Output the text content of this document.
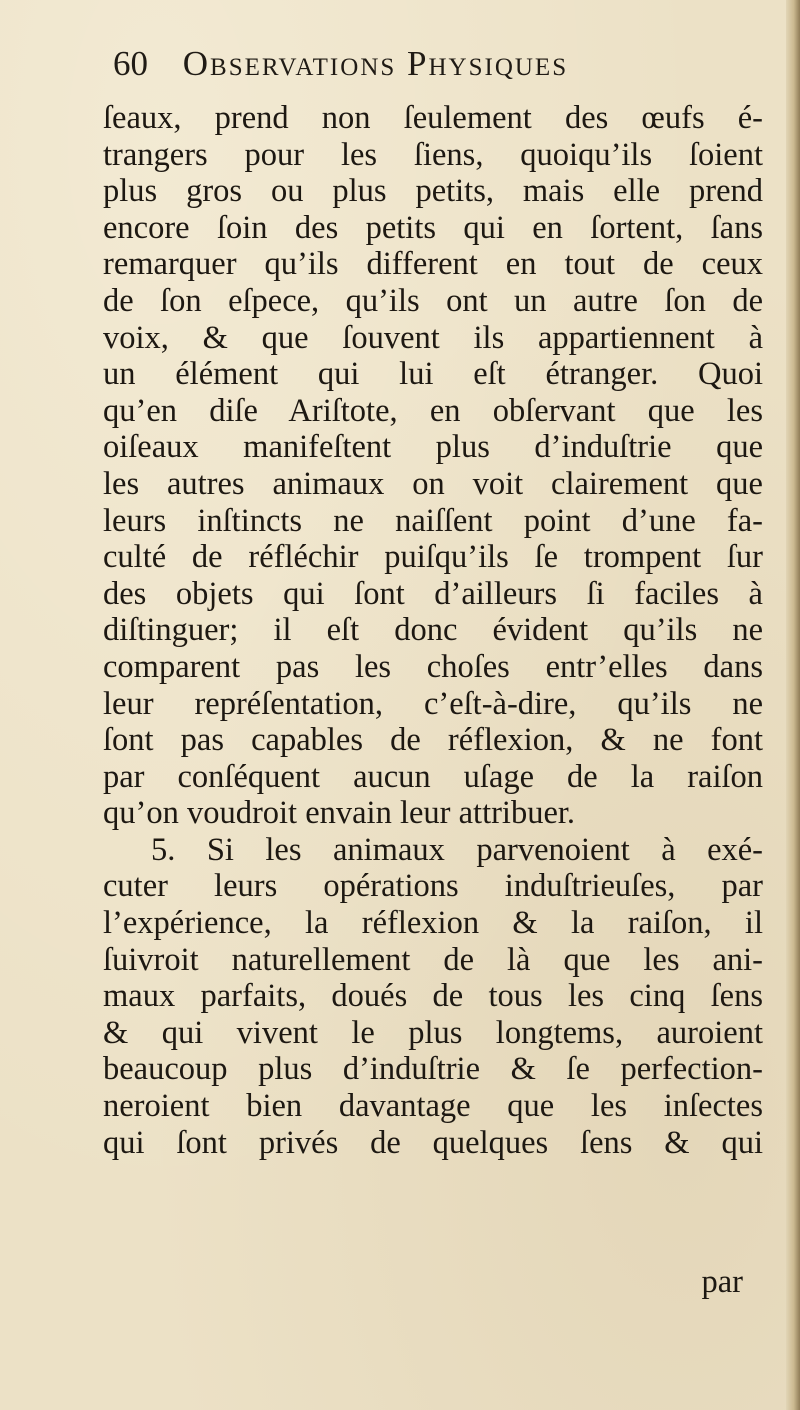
60 Observations Physiques
ſeaux, prend non ſeulement des œufs é-
trangers pour les ſiens, quoiqu’ils ſoient
plus gros ou plus petits, mais elle prend
encore ſoin des petits qui en ſortent, ſans
remarquer qu’ils different en tout de ceux
de ſon eſpece, qu’ils ont un autre ſon de
voix, & que ſouvent ils appartiennent à
un élément qui lui eſt étranger. Quoi
qu’en diſe Ariſtote, en obſervant que les
oiſeaux manifeſtent plus d’induſtrie que
les autres animaux on voit clairement que
leurs inſtincts ne naiſſent point d’une fa-
culté de réfléchir puiſqu’ils ſe trompent ſur
des objets qui ſont d’ailleurs ſi faciles à
diſtinguer; il eſt donc évident qu’ils ne
comparent pas les choſes entr’elles dans
leur repréſentation, c’eſt-à-dire, qu’ils ne
ſont pas capables de réflexion, & ne font
par conſéquent aucun uſage de la raiſon
qu’on voudroit envain leur attribuer.
5. Si les animaux parvenoient à exé-
cuter leurs opérations induſtrieuſes, par
l’expérience, la réflexion & la raiſon, il
ſuivroit naturellement de là que les ani-
maux parfaits, doués de tous les cinq ſens
& qui vivent le plus longtems, auroient
beaucoup plus d’induſtrie & ſe perfection-
neroient bien davantage que les inſectes
qui ſont privés de quelques ſens & qui
par
